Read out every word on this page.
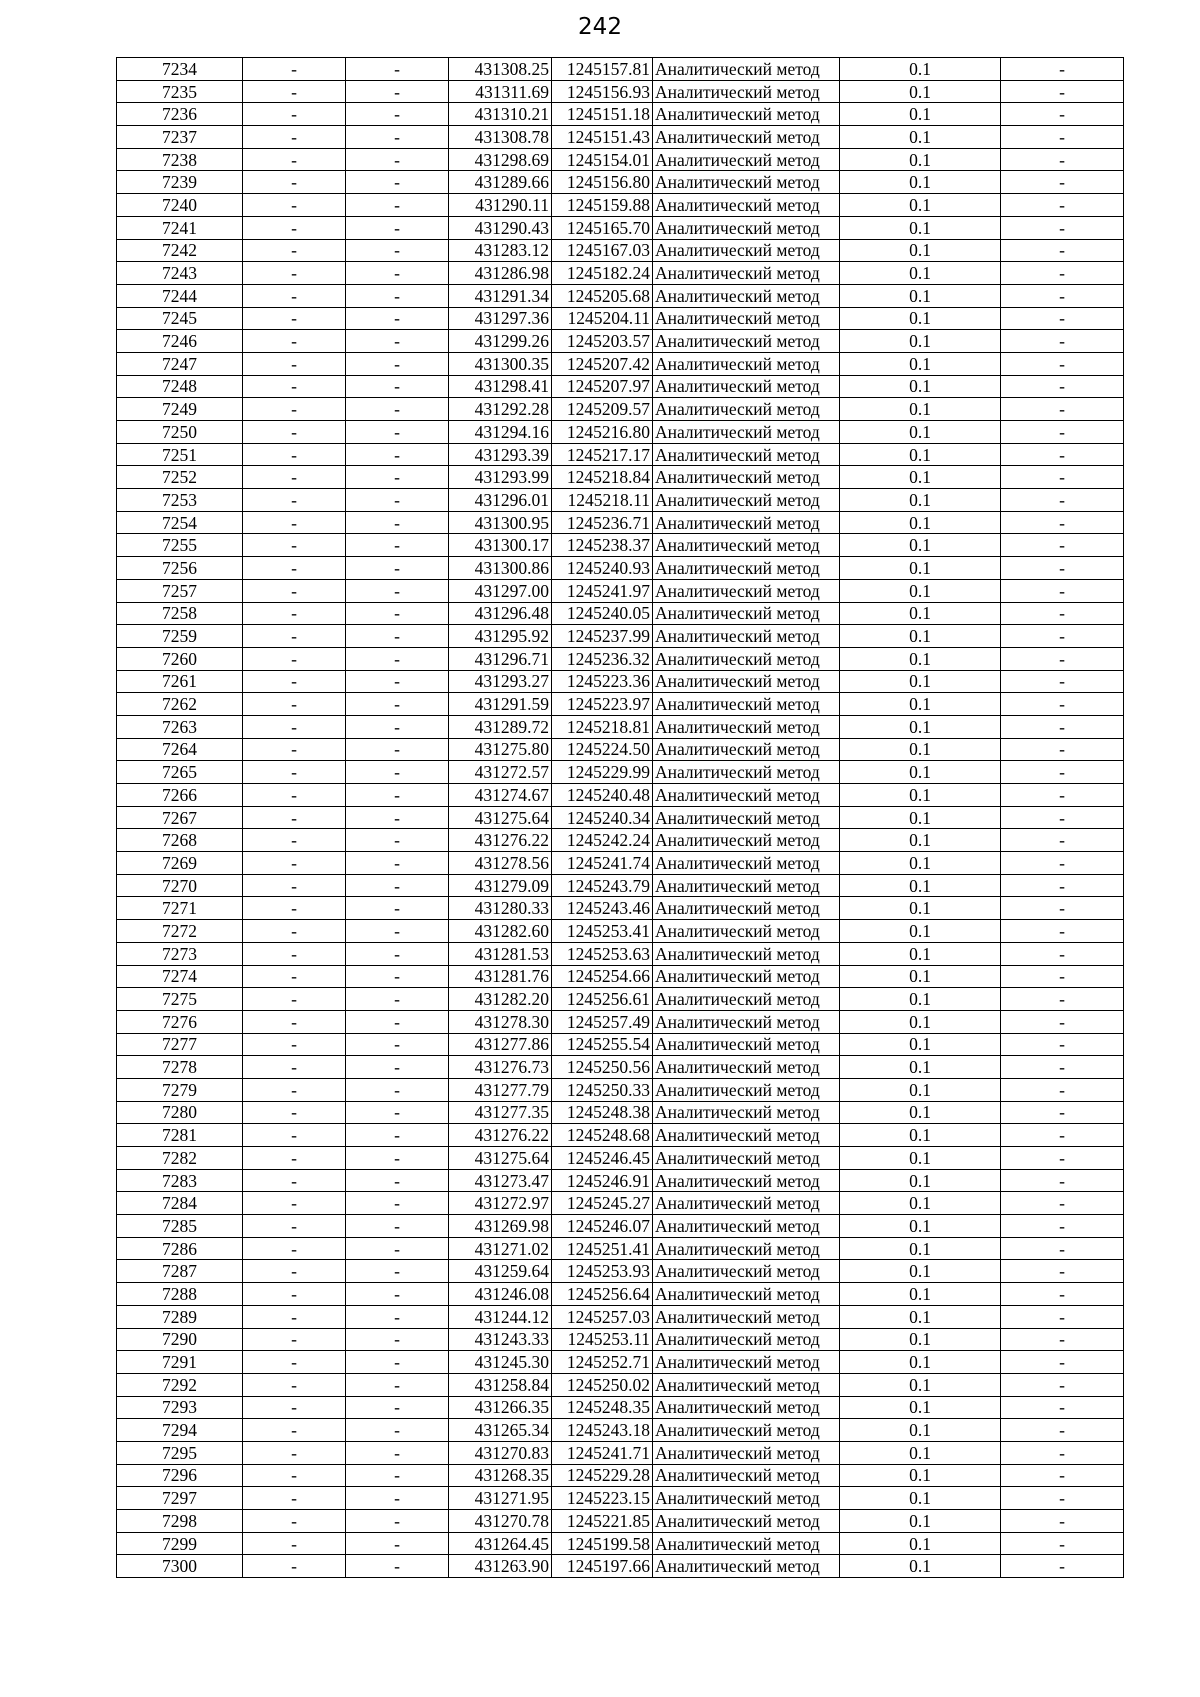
242
7234	-	-	431308.25	1245157.81	Аналитический метод	0.1	-
7235	-	-	431311.69	1245156.93	Аналитический метод	0.1	-
7236	-	-	431310.21	1245151.18	Аналитический метод	0.1	-
7237	-	-	431308.78	1245151.43	Аналитический метод	0.1	-
7238	-	-	431298.69	1245154.01	Аналитический метод	0.1	-
7239	-	-	431289.66	1245156.80	Аналитический метод	0.1	-
7240	-	-	431290.11	1245159.88	Аналитический метод	0.1	-
7241	-	-	431290.43	1245165.70	Аналитический метод	0.1	-
7242	-	-	431283.12	1245167.03	Аналитический метод	0.1	-
7243	-	-	431286.98	1245182.24	Аналитический метод	0.1	-
7244	-	-	431291.34	1245205.68	Аналитический метод	0.1	-
7245	-	-	431297.36	1245204.11	Аналитический метод	0.1	-
7246	-	-	431299.26	1245203.57	Аналитический метод	0.1	-
7247	-	-	431300.35	1245207.42	Аналитический метод	0.1	-
7248	-	-	431298.41	1245207.97	Аналитический метод	0.1	-
7249	-	-	431292.28	1245209.57	Аналитический метод	0.1	-
7250	-	-	431294.16	1245216.80	Аналитический метод	0.1	-
7251	-	-	431293.39	1245217.17	Аналитический метод	0.1	-
7252	-	-	431293.99	1245218.84	Аналитический метод	0.1	-
7253	-	-	431296.01	1245218.11	Аналитический метод	0.1	-
7254	-	-	431300.95	1245236.71	Аналитический метод	0.1	-
7255	-	-	431300.17	1245238.37	Аналитический метод	0.1	-
7256	-	-	431300.86	1245240.93	Аналитический метод	0.1	-
7257	-	-	431297.00	1245241.97	Аналитический метод	0.1	-
7258	-	-	431296.48	1245240.05	Аналитический метод	0.1	-
7259	-	-	431295.92	1245237.99	Аналитический метод	0.1	-
7260	-	-	431296.71	1245236.32	Аналитический метод	0.1	-
7261	-	-	431293.27	1245223.36	Аналитический метод	0.1	-
7262	-	-	431291.59	1245223.97	Аналитический метод	0.1	-
7263	-	-	431289.72	1245218.81	Аналитический метод	0.1	-
7264	-	-	431275.80	1245224.50	Аналитический метод	0.1	-
7265	-	-	431272.57	1245229.99	Аналитический метод	0.1	-
7266	-	-	431274.67	1245240.48	Аналитический метод	0.1	-
7267	-	-	431275.64	1245240.34	Аналитический метод	0.1	-
7268	-	-	431276.22	1245242.24	Аналитический метод	0.1	-
7269	-	-	431278.56	1245241.74	Аналитический метод	0.1	-
7270	-	-	431279.09	1245243.79	Аналитический метод	0.1	-
7271	-	-	431280.33	1245243.46	Аналитический метод	0.1	-
7272	-	-	431282.60	1245253.41	Аналитический метод	0.1	-
7273	-	-	431281.53	1245253.63	Аналитический метод	0.1	-
7274	-	-	431281.76	1245254.66	Аналитический метод	0.1	-
7275	-	-	431282.20	1245256.61	Аналитический метод	0.1	-
7276	-	-	431278.30	1245257.49	Аналитический метод	0.1	-
7277	-	-	431277.86	1245255.54	Аналитический метод	0.1	-
7278	-	-	431276.73	1245250.56	Аналитический метод	0.1	-
7279	-	-	431277.79	1245250.33	Аналитический метод	0.1	-
7280	-	-	431277.35	1245248.38	Аналитический метод	0.1	-
7281	-	-	431276.22	1245248.68	Аналитический метод	0.1	-
7282	-	-	431275.64	1245246.45	Аналитический метод	0.1	-
7283	-	-	431273.47	1245246.91	Аналитический метод	0.1	-
7284	-	-	431272.97	1245245.27	Аналитический метод	0.1	-
7285	-	-	431269.98	1245246.07	Аналитический метод	0.1	-
7286	-	-	431271.02	1245251.41	Аналитический метод	0.1	-
7287	-	-	431259.64	1245253.93	Аналитический метод	0.1	-
7288	-	-	431246.08	1245256.64	Аналитический метод	0.1	-
7289	-	-	431244.12	1245257.03	Аналитический метод	0.1	-
7290	-	-	431243.33	1245253.11	Аналитический метод	0.1	-
7291	-	-	431245.30	1245252.71	Аналитический метод	0.1	-
7292	-	-	431258.84	1245250.02	Аналитический метод	0.1	-
7293	-	-	431266.35	1245248.35	Аналитический метод	0.1	-
7294	-	-	431265.34	1245243.18	Аналитический метод	0.1	-
7295	-	-	431270.83	1245241.71	Аналитический метод	0.1	-
7296	-	-	431268.35	1245229.28	Аналитический метод	0.1	-
7297	-	-	431271.95	1245223.15	Аналитический метод	0.1	-
7298	-	-	431270.78	1245221.85	Аналитический метод	0.1	-
7299	-	-	431264.45	1245199.58	Аналитический метод	0.1	-
7300	-	-	431263.90	1245197.66	Аналитический метод	0.1	-
